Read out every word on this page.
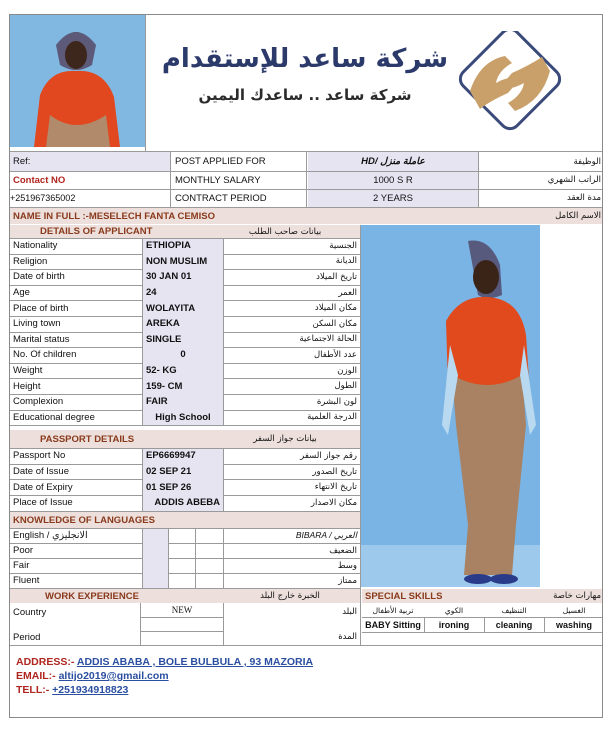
شركة ساعد للإستقدام
شركة ساعد .. ساعدك اليمين
Ref:	POST APPLIED FOR	HD/ عاملة منزل	الوظيفة
Contact NO	MONTHLY SALARY	1000 S R	الراتب الشهري
+251967365002	CONTRACT PERIOD	2 YEARS	مدة العقد
NAME IN FULL :-MESELECH FANTA CEMISO	الاسم الكامل
DETAILS OF APPLICANT	بيانات صاحب الطلب
Nationality	ETHIOPIA	الجنسية
Religion	NON MUSLIM	الديانة
Date of birth	30 JAN 01	تاريخ الميلاد
Age	24	العمر
Place of birth	WOLAYITA	مكان الميلاد
Living town	AREKA	مكان السكن
Marital status	SINGLE	الحالة الاجتماعية
No. Of children	0	عدد الأطفال
Weight	52- KG	الوزن
Height	159- CM	الطول
Complexion	FAIR	لون البشرة
Educational degree	High School	الدرجة العلمية
PASSPORT DETAILS	بيانات جواز السفر
Passport No	EP6669947	رقم جواز السفر
Date of Issue	02 SEP 21	تاريخ الصدور
Date of Expiry	01 SEP 26	تاريخ الانتهاء
Place of Issue	ADDIS ABEBA	مكان الاصدار
KNOWLEDGE OF LANGUAGES
English / الانجليزي	BIBARA / العربي
Poor	الضعيف
Fair	وسط
Fluent	ممتاز
WORK EXPERIENCE	الخبرة خارج البلد
Country	NEW	البلد
Period	المدة
SPECIAL SKILLS	مهارات خاصة
تربية الأطفال	الكوي	التنظيف	الغسيل
BABY Sitting	ironing	cleaning	washing
ADDRESS:- ADDIS ABABA , BOLE BULBULA , 93 MAZORIA
EMAIL:- altijo2019@gmail.com
TELL:- +251934918823
